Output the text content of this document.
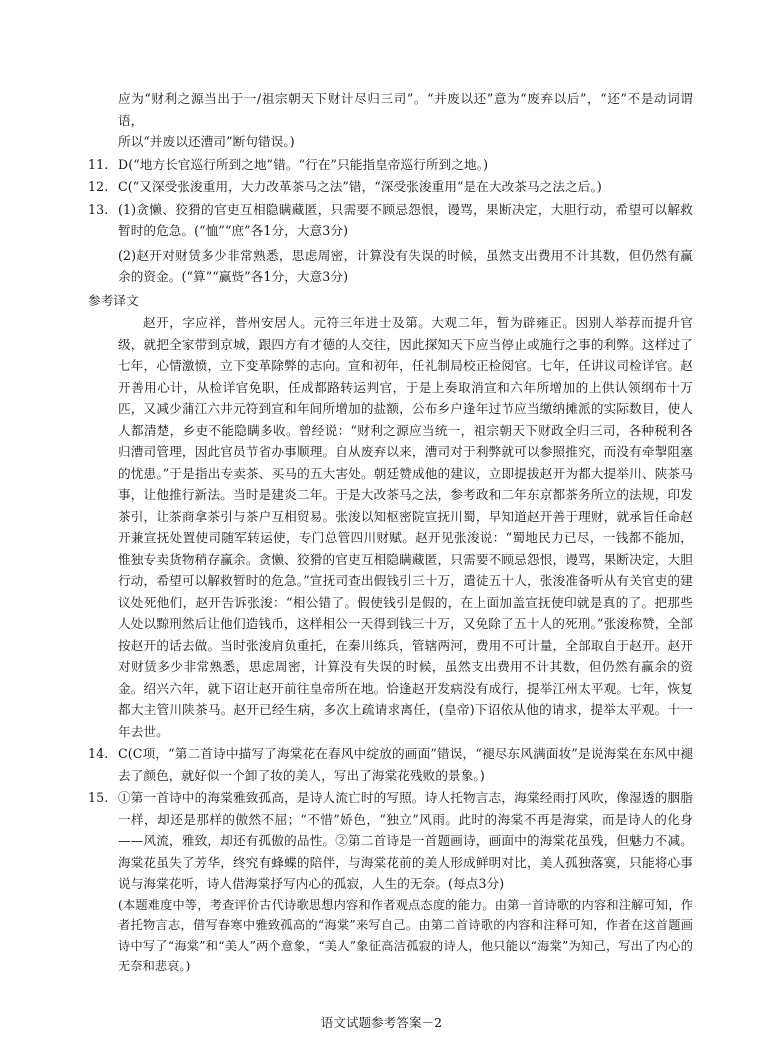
应为“财利之源当出于一/祖宗朝天下财计尽归三司”。“并废以还”意为“废弃以后”，“还”不是动词谓语，

所以“并废以还漕司”断句错误。)

11. D(“地方长官巡行所到之地”错。“行在”只能指皇帝巡行所到之地。)

12. C(“又深受张浚重用，大力改革茶马之法”错，“深受张浚重用”是在大改茶马之法之后。)

13. (1)贪懒、狡猾的官吏互相隐瞒藏匿，只需要不顾忌怨恨，谩骂，果断决定，大胆行动，希望可以解救暂时的危急。(“恤”“庶”各1分，大意3分)

(2)赵开对财赁多少非常熟悉，思虑周密，计算没有失误的时候，虽然支出费用不计其数，但仍然有赢余的资金。(“算”“赢赀”各1分，大意3分)

参考译文

赵开，字应祥，普州安居人。元符三年进士及第。大观二年，暂为辟雍正。因别人举荐而提升官级，就把全家带到京城，跟四方有才德的人交往，因此探知天下应当停止或施行之事的利弊。这样过了七年，心情激愤，立下变革除弊的志向。宣和初年，任礼制局校正检阅官。七年，任讲议司检详官。赵开善用心计，从检详官免职，任成都路转运判官，于是上奏取消宣和六年所增加的上供认领纲布十万匹，又减少蒲江六井元符到宣和年间所增加的盐额，公布乡户逢年过节应当缴纳摊派的实际数目，使人人都清楚，乡吏不能隐瞒多收。曾经说：“财利之源应当统一，祖宗朝天下财政全归三司，各种税利各归漕司管理，因此官员节省办事顺理。自从废弃以来，漕司对于利弊就可以参照推究，而没有牵掣阻塞的忧患。”于是指出专卖茶、买马的五大害处。朝廷赞成他的建议，立即提拔赵开为都大提举川、陕茶马事，让他推行新法。当时是建炎二年。于是大改茶马之法，参考政和二年东京都茶务所立的法规，印发茶引，让茶商拿茶引与茶户互相贸易。张浚以知枢密院宣抚川蜀，早知道赵开善于理财，就承旨任命赵开兼宣抚处置使司随军转运使，专门总管四川财赋。赵开见张浚说：“蜀地民力已尽，一钱都不能加，惟独专卖货物稍存赢余。贪懒、狡猾的官吏互相隐瞒藏匿，只需要不顾忌怨恨，谩骂，果断决定，大胆行动，希望可以解救暂时的危急。”宣抚司查出假钱引三十万，遣徒五十人，张浚准备听从有关官吏的建议处死他们，赵开告诉张浚：“相公错了。假使钱引是假的，在上面加盖宣抚使印就是真的了。把那些人处以黥刑然后让他们造钱币，这样相公一天得到钱三十万，又免除了五十人的死刑。”张浚称赞，全部按赵开的话去做。当时张浚肩负重托，在秦川练兵，管辖两河，费用不可计量，全部取自于赵开。赵开对财赁多少非常熟悉，思虑周密，计算没有失误的时候，虽然支出费用不计其数，但仍然有赢余的资金。绍兴六年，就下诏让赵开前往皇帝所在地。恰逢赵开发病没有成行，提举江州太平观。七年，恢复都大主管川陕茶马。赵开已经生病，多次上疏请求离任，(皇帝)下诏依从他的请求，提举太平观。十一年去世。

14. C(C项，“第二首诗中描写了海棠花在春风中绽放的画面”错误，“褪尽东风满面妆”是说海棠在东风中褪去了颜色，就好似一个卸了妆的美人，写出了海棠花残败的景象。)

15. ①第一首诗中的海棠雅致孤高，是诗人流亡时的写照。诗人托物言志，海棠经雨打风吹，像湿透的胭脂一样，却还是那样的傲然不屈；“不惜”娇色，“独立”风雨。此时的海棠不再是海棠，而是诗人的化身——风流，雅致，却还有孤傲的品性。②第二首诗是一首题画诗，画面中的海棠花虽残，但魅力不减。海棠花虽失了芳华，终究有蜂蝶的陪伴，与海棠花前的美人形成鲜明对比，美人孤独落寞，只能将心事说与海棠花听，诗人借海棠抒写内心的孤寂，人生的无奈。(每点3分)

(本题难度中等，考查评价古代诗歌思想内容和作者观点态度的能力。由第一首诗歌的内容和注解可知，作者托物言志，借写春寒中雅致孤高的“海棠”来写自己。由第二首诗歌的内容和注释可知，作者在这首题画诗中写了“海棠”和“美人”两个意象，“美人”象征高洁孤寂的诗人，他只能以“海棠”为知己，写出了内心的无奈和悲哀。)

语文试题参考答案－2
